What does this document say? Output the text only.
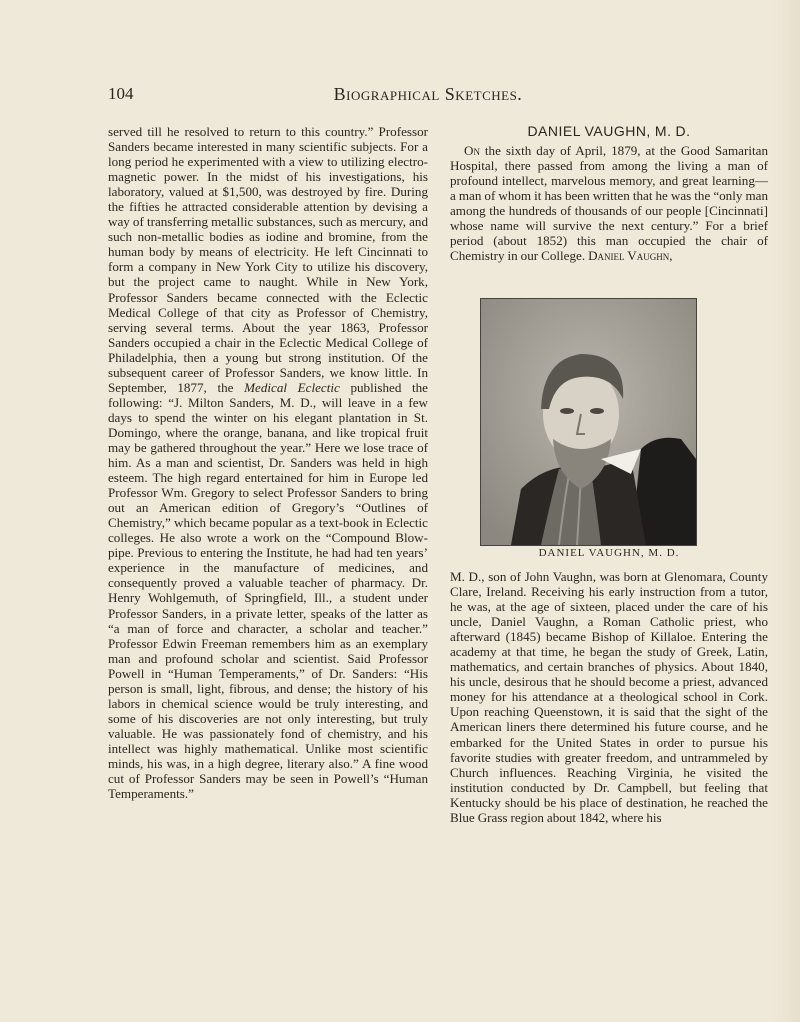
104	Biographical Sketches.

served till he resolved to return to this country.” Professor Sanders became interested in many scientific subjects. For a long period he experimented with a view to utilizing electro-magnetic power. In the midst of his investigations, his laboratory, valued at $1,500, was destroyed by fire. During the fifties he attracted considerable attention by devising a way of transferring metallic substances, such as mercury, and such non-metallic bodies as iodine and bromine, from the human body by means of electricity. He left Cincinnati to form a company in New York City to utilize his discovery, but the project came to naught. While in New York, Professor Sanders became connected with the Eclectic Medical College of that city as Professor of Chemistry, serving several terms. About the year 1863, Professor Sanders occupied a chair in the Eclectic Medical College of Philadelphia, then a young but strong institution. Of the subsequent career of Professor Sanders, we know little. In September, 1877, the Medical Eclectic published the following: “J. Milton Sanders, M. D., will leave in a few days to spend the winter on his elegant plantation in St. Domingo, where the orange, banana, and like tropical fruit may be gathered throughout the year.” Here we lose trace of him. As a man and scientist, Dr. Sanders was held in high esteem. The high regard entertained for him in Europe led Professor Wm. Gregory to select Professor Sanders to bring out an American edition of Gregory’s “Outlines of Chemistry,” which became popular as a text-book in Eclectic colleges. He also wrote a work on the “Compound Blow-pipe. Previous to entering the Institute, he had had ten years’ experience in the manufacture of medicines, and consequently proved a valuable teacher of pharmacy. Dr. Henry Wohlgemuth, of Springfield, Ill., a student under Professor Sanders, in a private letter, speaks of the latter as “a man of force and character, a scholar and teacher.” Professor Edwin Freeman remembers him as an exemplary man and profound scholar and scientist. Said Professor Powell in “Human Temperaments,” of Dr. Sanders: “His person is small, light, fibrous, and dense; the history of his labors in chemical science would be truly interesting, and some of his discoveries are not only interesting, but truly valuable. He was passionately fond of chemistry, and his intellect was highly mathematical. Unlike most scientific minds, his was, in a high degree, literary also.” A fine wood cut of Professor Sanders may be seen in Powell’s “Human Temperaments.”

DANIEL VAUGHN, M. D.

On the sixth day of April, 1879, at the Good Samaritan Hospital, there passed from among the living a man of profound intellect, marvelous memory, and great learning—a man of whom it has been written that he was the “only man among the hundreds of thousands of our people [Cincinnati] whose name will survive the next century.” For a brief period (about 1852) this man occupied the chair of Chemistry in our College. Daniel Vaughn,

DANIEL VAUGHN, M. D.

M. D., son of John Vaughn, was born at Glenomara, County Clare, Ireland. Receiving his early instruction from a tutor, he was, at the age of sixteen, placed under the care of his uncle, Daniel Vaughn, a Roman Catholic priest, who afterward (1845) became Bishop of Killaloe. Entering the academy at that time, he began the study of Greek, Latin, mathematics, and certain branches of physics. About 1840, his uncle, desirous that he should become a priest, advanced money for his attendance at a theological school in Cork. Upon reaching Queenstown, it is said that the sight of the American liners there determined his future course, and he embarked for the United States in order to pursue his favorite studies with greater freedom, and untrammeled by Church influences. Reaching Virginia, he visited the institution conducted by Dr. Campbell, but feeling that Kentucky should be his place of destination, he reached the Blue Grass region about 1842, where his
